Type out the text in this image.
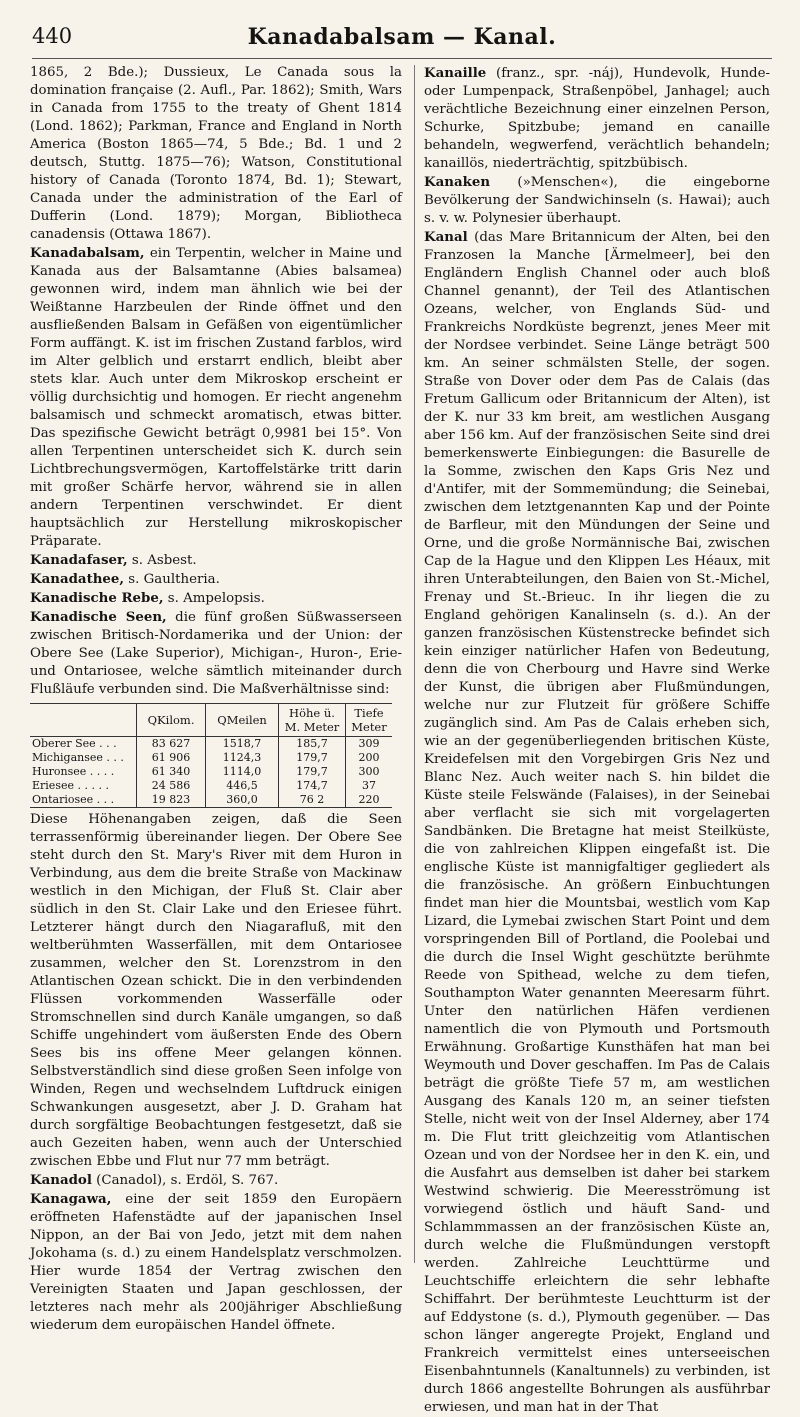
440	Kanadabalsam — Kanal.

1865, 2 Bde.); Dussieux, Le Canada sous la domination française (2. Aufl., Par. 1862); Smith, Wars in Canada from 1755 to the treaty of Ghent 1814 (Lond. 1862); Parkman, France and England in North America (Boston 1865—74, 5 Bde.; Bd. 1 und 2 deutsch, Stuttg. 1875—76); Watson, Constitutional history of Canada (Toronto 1874, Bd. 1); Stewart, Canada under the administration of the Earl of Dufferin (Lond. 1879); Morgan, Bibliotheca canadensis (Ottawa 1867).

Kanadabalsam, ein Terpentin, welcher in Maine und Kanada aus der Balsamtanne (Abies balsamea) gewonnen wird, indem man ähnlich wie bei der Weißtanne Harzbeulen der Rinde öffnet und den ausfließenden Balsam in Gefäßen von eigentümlicher Form auffängt. K. ist im frischen Zustand farblos, wird im Alter gelblich und erstarrt endlich, bleibt aber stets klar. Auch unter dem Mikroskop erscheint er völlig durchsichtig und homogen. Er riecht angenehm balsamisch und schmeckt aromatisch, etwas bitter. Das spezifische Gewicht beträgt 0,9981 bei 15°. Von allen Terpentinen unterscheidet sich K. durch sein Lichtbrechungsvermögen, Kartoffelstärke tritt darin mit großer Schärfe hervor, während sie in allen andern Terpentinen verschwindet. Er dient hauptsächlich zur Herstellung mikroskopischer Präparate.

Kanadafaser, s. Asbest.

Kanadathee, s. Gaultheria.

Kanadische Rebe, s. Ampelopsis.

Kanadische Seen, die fünf großen Süßwasserseen zwischen Britisch-Nordamerika und der Union: der Obere See (Lake Superior), Michigan-, Huron-, Erie- und Ontariosee, welche sämtlich miteinander durch Flußläufe verbunden sind. Die Maßverhältnisse sind:

	QKilom.	QMeilen	Höhe ü. M. Meter	Tiefe Meter
Oberer See . . .	83 627	1518,7	185,7	309
Michigansee . . .	61 906	1124,3	179,7	200
Huronsee . . . .	61 340	1114,0	179,7	300
Eriesee . . . . .	24 586	446,5	174,7	37
Ontariosee . . .	19 823	360,0	76 2	220

Diese Höhenangaben zeigen, daß die Seen terrassenförmig übereinander liegen. Der Obere See steht durch den St. Mary's River mit dem Huron in Verbindung, aus dem die breite Straße von Mackinaw westlich in den Michigan, der Fluß St. Clair aber südlich in den St. Clair Lake und den Eriesee führt. Letzterer hängt durch den Niagarafluß, mit den weltberühmten Wasserfällen, mit dem Ontariosee zusammen, welcher den St. Lorenzstrom in den Atlantischen Ozean schickt. Die in den verbindenden Flüssen vorkommenden Wasserfälle oder Stromschnellen sind durch Kanäle umgangen, so daß Schiffe ungehindert vom äußersten Ende des Obern Sees bis ins offene Meer gelangen können. Selbstverständlich sind diese großen Seen infolge von Winden, Regen und wechselndem Luftdruck einigen Schwankungen ausgesetzt, aber J. D. Graham hat durch sorgfältige Beobachtungen festgesetzt, daß sie auch Gezeiten haben, wenn auch der Unterschied zwischen Ebbe und Flut nur 77 mm beträgt.

Kanadol (Canadol), s. Erdöl, S. 767.

Kanagawa, eine der seit 1859 den Europäern eröffneten Hafenstädte auf der japanischen Insel Nippon, an der Bai von Jedo, jetzt mit dem nahen Jokohama (s. d.) zu einem Handelsplatz verschmolzen. Hier wurde 1854 der Vertrag zwischen den Vereinigten Staaten und Japan geschlossen, der letzteres nach mehr als 200jähriger Abschließung wiederum dem europäischen Handel öffnete.

Kanaille (franz., spr. -náj), Hundevolk, Hunde- oder Lumpenpack, Straßenpöbel, Janhagel; auch verächtliche Bezeichnung einer einzelnen Person, Schurke, Spitzbube; jemand en canaille behandeln, wegwerfend, verächtlich behandeln; kanaillös, niederträchtig, spitzbübisch.

Kanaken (»Menschen«), die eingeborne Bevölkerung der Sandwichinseln (s. Hawai); auch s. v. w. Polynesier überhaupt.

Kanal (das Mare Britannicum der Alten, bei den Franzosen la Manche [Ärmelmeer], bei den Engländern English Channel oder auch bloß Channel genannt), der Teil des Atlantischen Ozeans, welcher, von Englands Süd- und Frankreichs Nordküste begrenzt, jenes Meer mit der Nordsee verbindet. Seine Länge beträgt 500 km. An seiner schmälsten Stelle, der sogen. Straße von Dover oder dem Pas de Calais (das Fretum Gallicum oder Britannicum der Alten), ist der K. nur 33 km breit, am westlichen Ausgang aber 156 km. Auf der französischen Seite sind drei bemerkenswerte Einbiegungen: die Basurelle de la Somme, zwischen den Kaps Gris Nez und d'Antifer, mit der Sommemündung; die Seinebai, zwischen dem letztgenannten Kap und der Pointe de Barfleur, mit den Mündungen der Seine und Orne, und die große Normännische Bai, zwischen Cap de la Hague und den Klippen Les Héaux, mit ihren Unterabteilungen, den Baien von St.-Michel, Frenay und St.-Brieuc. In ihr liegen die zu England gehörigen Kanalinseln (s. d.). An der ganzen französischen Küstenstrecke befindet sich kein einziger natürlicher Hafen von Bedeutung, denn die von Cherbourg und Havre sind Werke der Kunst, die übrigen aber Flußmündungen, welche nur zur Flutzeit für größere Schiffe zugänglich sind. Am Pas de Calais erheben sich, wie an der gegenüberliegenden britischen Küste, Kreidefelsen mit den Vorgebirgen Gris Nez und Blanc Nez. Auch weiter nach S. hin bildet die Küste steile Felswände (Falaises), in der Seinebai aber verflacht sie sich mit vorgelagerten Sandbänken. Die Bretagne hat meist Steilküste, die von zahlreichen Klippen eingefaßt ist. Die englische Küste ist mannigfaltiger gegliedert als die französische. An größern Einbuchtungen findet man hier die Mountsbai, westlich vom Kap Lizard, die Lymebai zwischen Start Point und dem vorspringenden Bill of Portland, die Poolebai und die durch die Insel Wight geschützte berühmte Reede von Spithead, welche zu dem tiefen, Southampton Water genannten Meeresarm führt. Unter den natürlichen Häfen verdienen namentlich die von Plymouth und Portsmouth Erwähnung. Großartige Kunsthäfen hat man bei Weymouth und Dover geschaffen. Im Pas de Calais beträgt die größte Tiefe 57 m, am westlichen Ausgang des Kanals 120 m, an seiner tiefsten Stelle, nicht weit von der Insel Alderney, aber 174 m. Die Flut tritt gleichzeitig vom Atlantischen Ozean und von der Nordsee her in den K. ein, und die Ausfahrt aus demselben ist daher bei starkem Westwind schwierig. Die Meeresströmung ist vorwiegend östlich und häuft Sand- und Schlammmassen an der französischen Küste an, durch welche die Flußmündungen verstopft werden. Zahlreiche Leuchttürme und Leuchtschiffe erleichtern die sehr lebhafte Schiffahrt. Der berühmteste Leuchtturm ist der auf Eddystone (s. d.), Plymouth gegenüber. — Das schon länger angeregte Projekt, England und Frankreich vermittelst eines unterseeischen Eisenbahntunnels (Kanaltunnels) zu verbinden, ist durch 1866 angestellte Bohrungen als ausführbar erwiesen, und man hat in der That
